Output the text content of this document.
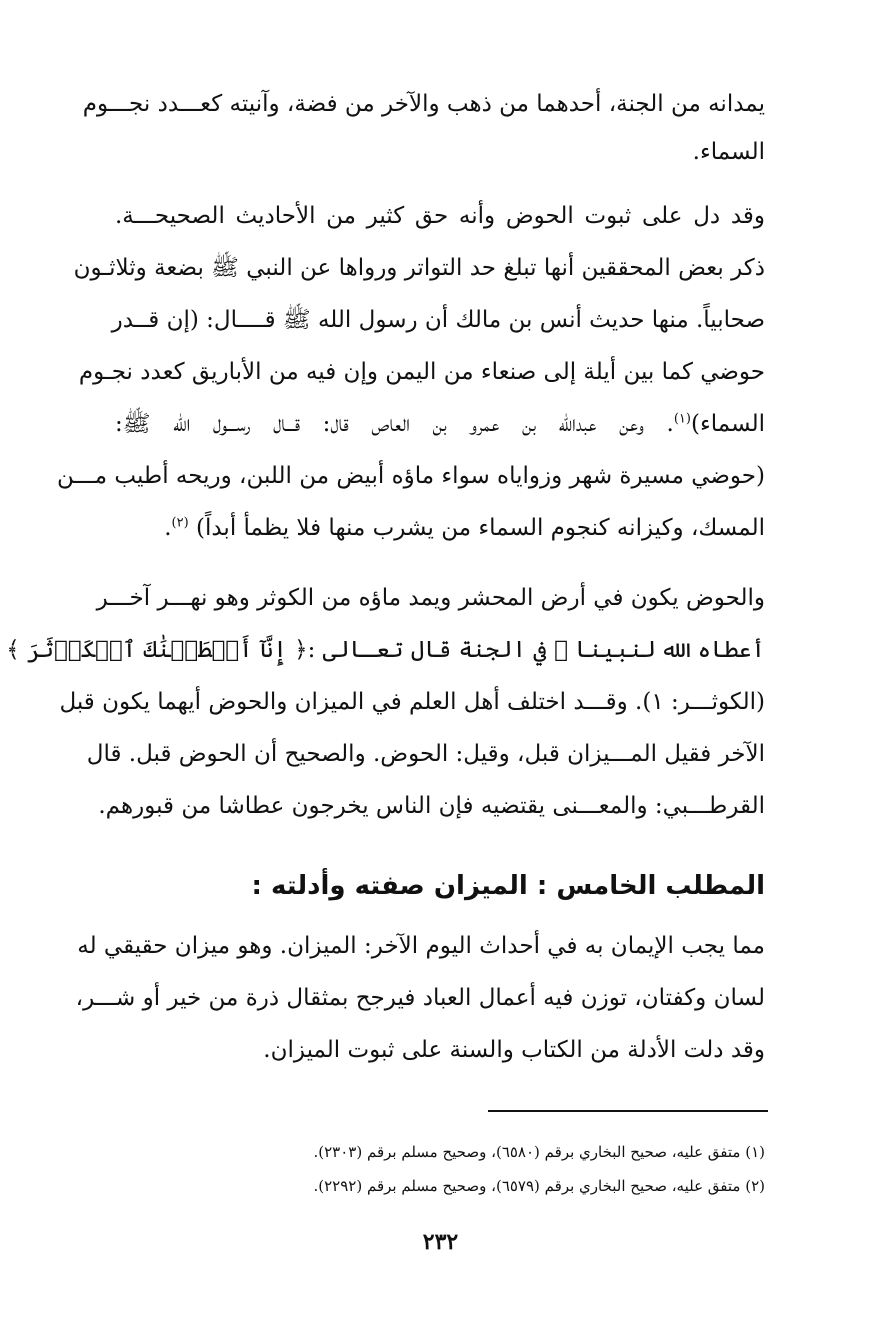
يمدانه من الجنة، أحدهما من ذهب والآخر من فضة، وآنيته كعـــدد نجـــوم
السماء.
وقد دل على ثبوت الحوض وأنه حق كثير من الأحاديث الصحيحـــة.
ذكر بعض المحققين أنها تبلغ حد التواتر ورواها عن النبي ﷺ بضعة وثلاثـون
صحابياً. منها حديث أنس بن مالك أن رسول الله ﷺ قــــال: (إن قــدر
حوضي كما بين أيلة إلى صنعاء من اليمن وإن فيه من الأباريق كعدد نجـوم
السماء)$^{(١)}$. وعن عبدالله بن عمرو بن العاص قال: قـــال رســـول الله ﷺ:
(حوضي مسيرة شهر وزواياه سواء ماؤه أبيض من اللبن، وريحه أطيب مـــن
المسك، وكيزانه كنجوم السماء من يشرب منها فلا يظمأ أبداً) $^{(٢)}$.
والحوض يكون في أرض المحشر ويمد ماؤه من الكوثر وهو نهـــر آخـــر
أعطاه الله لنبينا ﷺ في الجنة قال تعـالى :﴿ إِنَّآ أَعۡطَيۡنَٰكَ ٱلۡكَوۡثَرَ ﴾
(الكوثـــر: ١). وقـــد اختلف أهل العلم في الميزان والحوض أيهما يكون قبل
الآخر فقيل المـــيزان قبل، وقيل: الحوض. والصحيح أن الحوض قبل. قال
القرطـــبي: والمعـــنى يقتضيه فإن الناس يخرجون عطاشا من قبورهم.
المطلب الخامس : الميزان صفته وأدلته :
مما يجب الإيمان به في أحداث اليوم الآخر: الميزان. وهو ميزان حقيقي له
لسان وكفتان، توزن فيه أعمال العباد فيرجح بمثقال ذرة من خير أو شـــر،
وقد دلت الأدلة من الكتاب والسنة على ثبوت الميزان.
(١) متفق عليه، صحيح البخاري برقم (٦٥٨٠)، وصحيح مسلم برقم (٢٣٠٣).
(٢) متفق عليه، صحيح البخاري برقم (٦٥٧٩)، وصحيح مسلم برقم (٢٢٩٢).
٢٣٢
